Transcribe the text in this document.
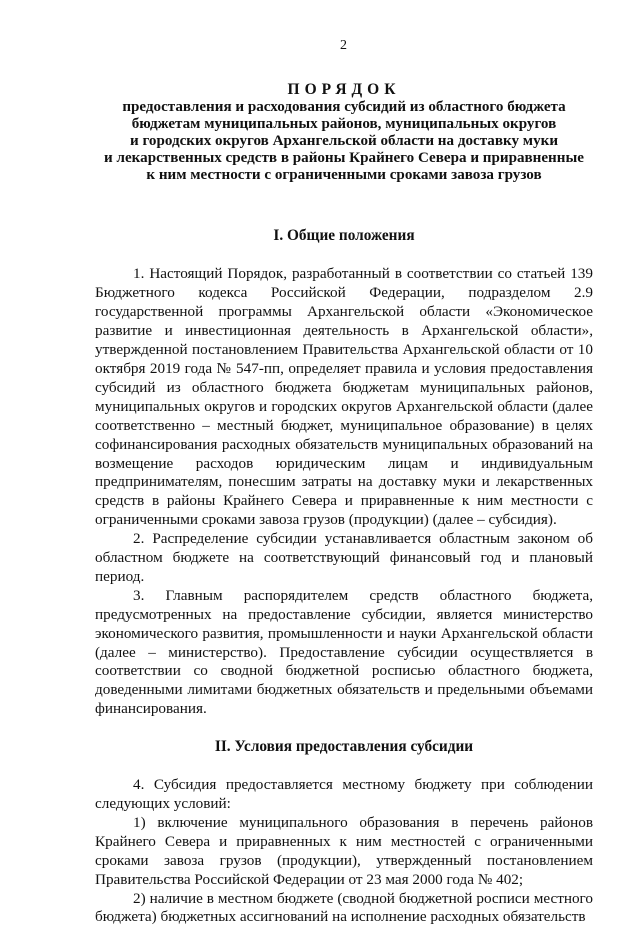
2
ПОРЯДОК
предоставления и расходования субсидий из областного бюджета
бюджетам муниципальных районов, муниципальных округов
и городских округов Архангельской области на доставку муки
и лекарственных средств в районы Крайнего Севера и приравненные
к ним местности с ограниченными сроками завоза грузов
I. Общие положения

1. Настоящий Порядок, разработанный в соответствии со статьей 139 Бюджетного кодекса Российской Федерации, подразделом 2.9 государственной программы Архангельской области «Экономическое развитие и инвестиционная деятельность в Архангельской области», утвержденной постановлением Правительства Архангельской области от 10 октября 2019 года № 547-пп, определяет правила и условия предоставления субсидий из областного бюджета бюджетам муниципальных районов, муниципальных округов и городских округов Архангельской области (далее соответственно – местный бюджет, муниципальное образование) в целях софинансирования расходных обязательств муниципальных образований на возмещение расходов юридическим лицам и индивидуальным предпринимателям, понесшим затраты на доставку муки и лекарственных средств в районы Крайнего Севера и приравненные к ним местности с ограниченными сроками завоза грузов (продукции) (далее – субсидия).

2. Распределение субсидии устанавливается областным законом об областном бюджете на соответствующий финансовый год и плановый период.

3. Главным распорядителем средств областного бюджета, предусмотренных на предоставление субсидии, является министерство экономического развития, промышленности и науки Архангельской области (далее – министерство). Предоставление субсидии осуществляется в соответствии со сводной бюджетной росписью областного бюджета, доведенными лимитами бюджетных обязательств и предельными объемами финансирования.

II. Условия предоставления субсидии

4. Субсидия предоставляется местному бюджету при соблюдении следующих условий:

1) включение муниципального образования в перечень районов Крайнего Севера и приравненных к ним местностей с ограниченными сроками завоза грузов (продукции), утвержденный постановлением Правительства Российской Федерации от 23 мая 2000 года № 402;

2) наличие в местном бюджете (сводной бюджетной росписи местного бюджета) бюджетных ассигнований на исполнение расходных обязательств
